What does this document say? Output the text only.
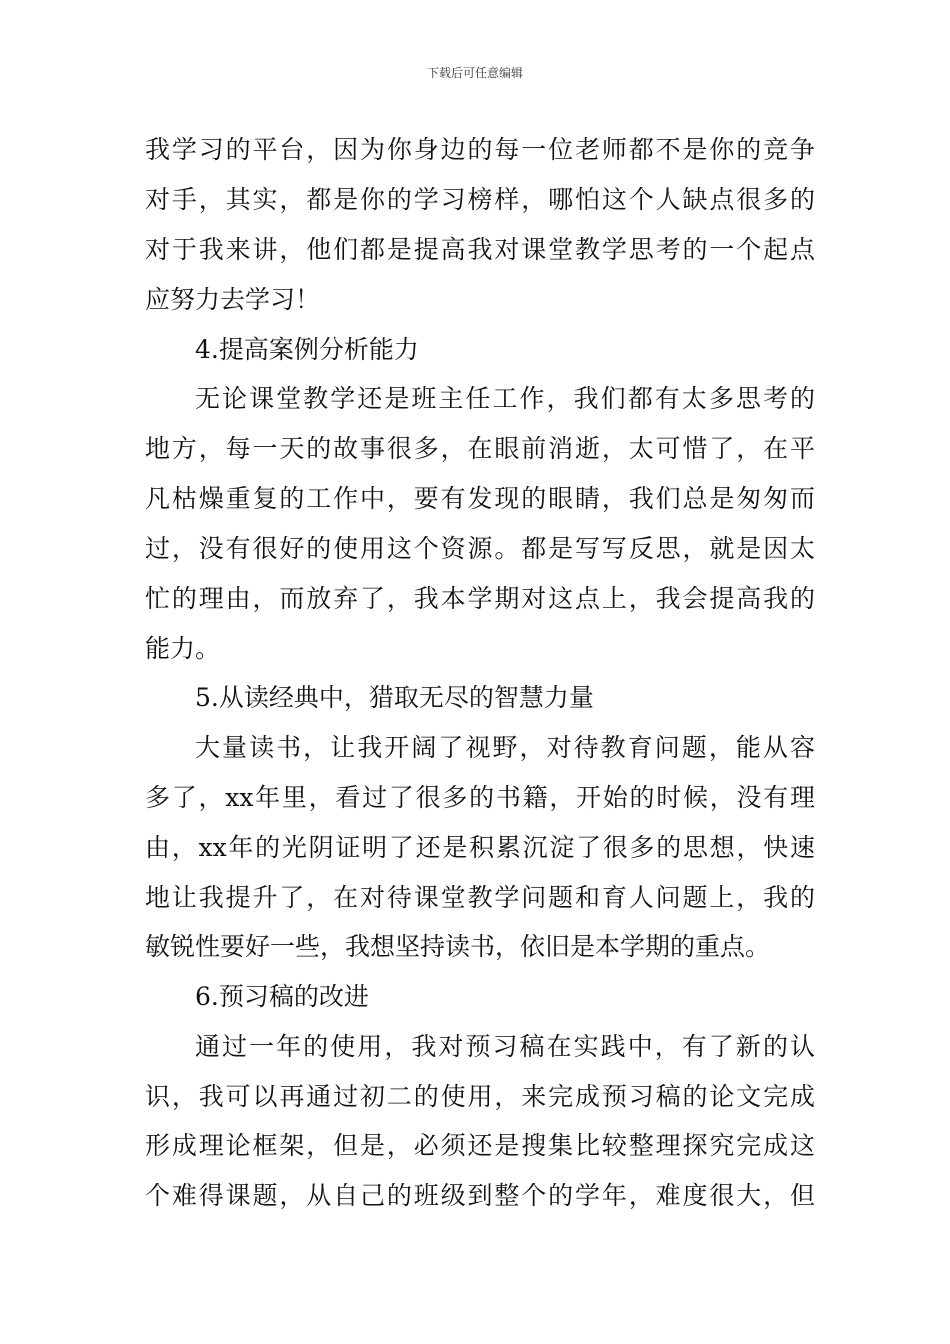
下载后可任意编辑
我学习的平台，因为你身边的每一位老师都不是你的竞争
对手，其实，都是你的学习榜样，哪怕这个人缺点很多的
对于我来讲，他们都是提高我对课堂教学思考的一个起点
应努力去学习！
4.提高案例分析能力
无论课堂教学还是班主任工作，我们都有太多思考的
地方，每一天的故事很多，在眼前消逝，太可惜了，在平
凡枯燥重复的工作中，要有发现的眼睛，我们总是匆匆而
过，没有很好的使用这个资源。都是写写反思，就是因太
忙的理由，而放弃了，我本学期对这点上，我会提高我的
能力。
5.从读经典中，猎取无尽的智慧力量
大量读书，让我开阔了视野，对待教育问题，能从容
多了，xx年里，看过了很多的书籍，开始的时候，没有理
由，xx年的光阴证明了还是积累沉淀了很多的思想，快速
地让我提升了，在对待课堂教学问题和育人问题上，我的
敏锐性要好一些，我想坚持读书，依旧是本学期的重点。
6.预习稿的改进
通过一年的使用，我对预习稿在实践中，有了新的认
识，我可以再通过初二的使用，来完成预习稿的论文完成
形成理论框架，但是，必须还是搜集比较整理探究完成这
个难得课题，从自己的班级到整个的学年，难度很大，但
